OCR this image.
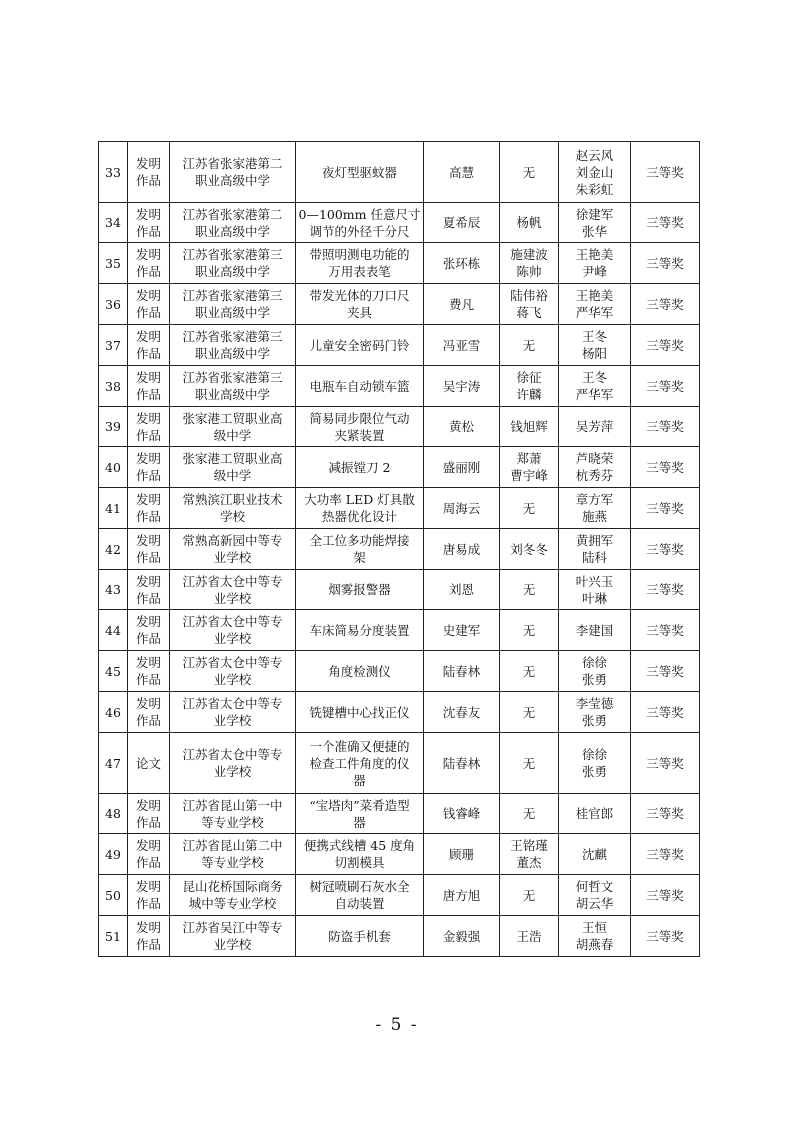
33	发明
作品	江苏省张家港第二
职业高级中学	夜灯型驱蚊器	高慧	无	赵云风
刘金山
朱彩虹	三等奖
34	发明
作品	江苏省张家港第二
职业高级中学	0—100mm 任意尺寸
调节的外径千分尺	夏希辰	杨帆	徐建军
张华	三等奖
35	发明
作品	江苏省张家港第三
职业高级中学	带照明测电功能的
万用表表笔	张环栋	施建波
陈帅	王艳美
尹峰	三等奖
36	发明
作品	江苏省张家港第三
职业高级中学	带发光体的刀口尺
夹具	费凡	陆伟裕
蒋飞	王艳美
严华军	三等奖
37	发明
作品	江苏省张家港第三
职业高级中学	儿童安全密码门铃	冯亚雪	无	王冬
杨阳	三等奖
38	发明
作品	江苏省张家港第三
职业高级中学	电瓶车自动锁车篮	吴宇涛	徐征
许麟	王冬
严华军	三等奖
39	发明
作品	张家港工贸职业高
级中学	简易同步限位气动
夹紧装置	黄松	钱旭辉	吴芳萍	三等奖
40	发明
作品	张家港工贸职业高
级中学	减振镗刀 2	盛丽刚	郑萧
曹宇峰	芦晓荣
杭秀芬	三等奖
41	发明
作品	常熟滨江职业技术
学校	大功率 LED 灯具散
热器优化设计	周海云	无	章方军
施燕	三等奖
42	发明
作品	常熟高新园中等专
业学校	全工位多功能焊接
架	唐易成	刘冬冬	黄拥军
陆科	三等奖
43	发明
作品	江苏省太仓中等专
业学校	烟雾报警器	刘恩	无	叶兴玉
叶琳	三等奖
44	发明
作品	江苏省太仓中等专
业学校	车床简易分度装置	史建军	无	李建国	三等奖
45	发明
作品	江苏省太仓中等专
业学校	角度检测仪	陆春林	无	徐徐
张勇	三等奖
46	发明
作品	江苏省太仓中等专
业学校	铣键槽中心找正仪	沈春友	无	李莹德
张勇	三等奖
47	论文	江苏省太仓中等专
业学校	一个准确又便捷的
检查工件角度的仪
器	陆春林	无	徐徐
张勇	三等奖
48	发明
作品	江苏省昆山第一中
等专业学校	“宝塔肉”菜肴造型
器	钱睿峰	无	桂官郎	三等奖
49	发明
作品	江苏省昆山第二中
等专业学校	便携式线槽 45 度角
切割模具	顾珊	王铭瑾
董杰	沈麒	三等奖
50	发明
作品	昆山花桥国际商务
城中等专业学校	树冠喷刷石灰水全
自动装置	唐方旭	无	何哲文
胡云华	三等奖
51	发明
作品	江苏省吴江中等专
业学校	防盗手机套	金毅强	王浩	王恒
胡燕春	三等奖
- 5 -
